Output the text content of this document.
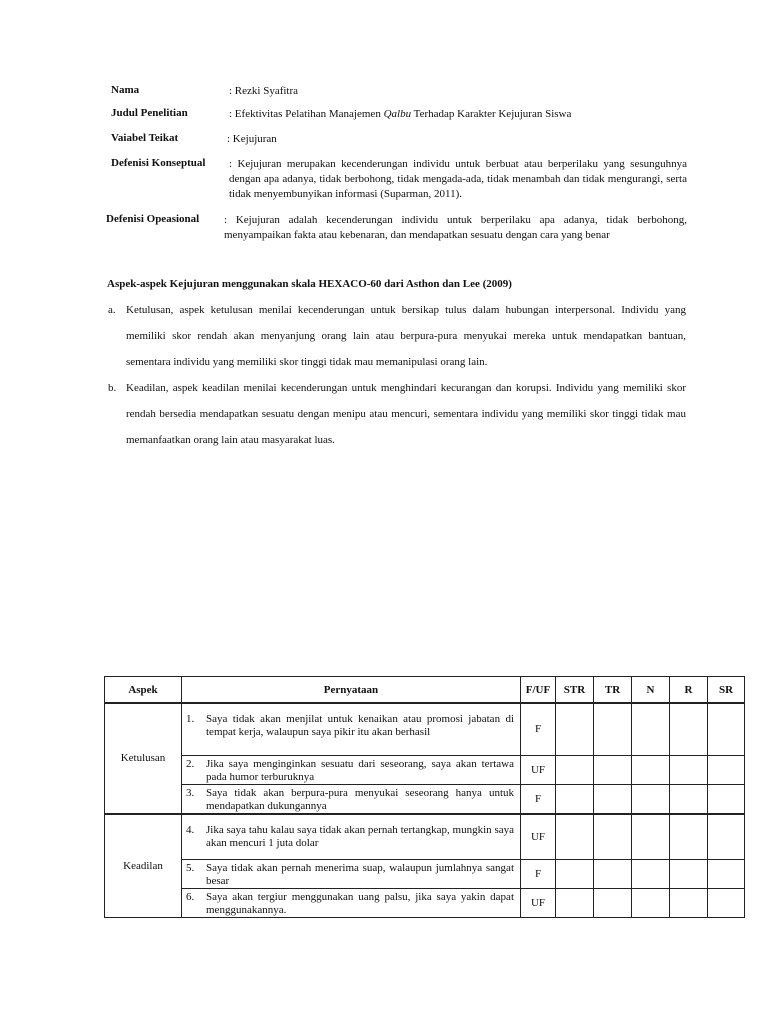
Nama	: Rezki Syafitra
Judul Penelitian	: Efektivitas Pelatihan Manajemen Qalbu Terhadap Karakter Kejujuran Siswa
Vaiabel Teikat	: Kejujuran
Defenisi Konseptual : Kejujuran merupakan kecenderungan individu untuk berbuat atau berperilaku yang sesunguhnya dengan apa adanya, tidak berbohong, tidak mengada-ada, tidak menambah dan tidak mengurangi, serta tidak menyembunyikan informasi (Suparman, 2011).
Defenisi Opeasional : Kejujuran adalah kecenderungan individu untuk berperilaku apa adanya, tidak berbohong, menyampaikan fakta atau kebenaran, dan mendapatkan sesuatu dengan cara yang benar
Aspek-aspek Kejujuran menggunakan skala HEXACO-60 dari Asthon dan Lee (2009)
a. Ketulusan, aspek ketulusan menilai kecenderungan untuk bersikap tulus dalam hubungan interpersonal. Individu yang memiliki skor rendah akan menyanjung orang lain atau berpura-pura menyukai mereka untuk mendapatkan bantuan, sementara individu yang memiliki skor tinggi tidak mau memanipulasi orang lain.
b. Keadilan, aspek keadilan menilai kecenderungan untuk menghindari kecurangan dan korupsi. Individu yang memiliki skor rendah bersedia mendapatkan sesuatu dengan menipu atau mencuri, sementara individu yang memiliki skor tinggi tidak mau memanfaatkan orang lain atau masyarakat luas.
Aspek	Pernyataan	F/UF	STR	TR	N	R	SR
Ketulusan	1. Saya tidak akan menjilat untuk kenaikan atau promosi jabatan di tempat kerja, walaupun saya pikir itu akan berhasil	F					

	2. Jika saya menginginkan sesuatu dari seseorang, saya akan tertawa pada humor terburuknya	UF					

	3. Saya tidak akan berpura-pura menyukai seseorang hanya untuk mendapatkan dukungannya	F					
Keadilan	4. Jika saya tahu kalau saya tidak akan pernah tertangkap, mungkin saya akan mencuri 1 juta dolar	UF					

	5. Saya tidak akan pernah menerima suap, walaupun jumlahnya sangat besar	F					

	6. Saya akan tergiur menggunakan uang palsu, jika saya yakin dapat menggunakannya.	UF					
